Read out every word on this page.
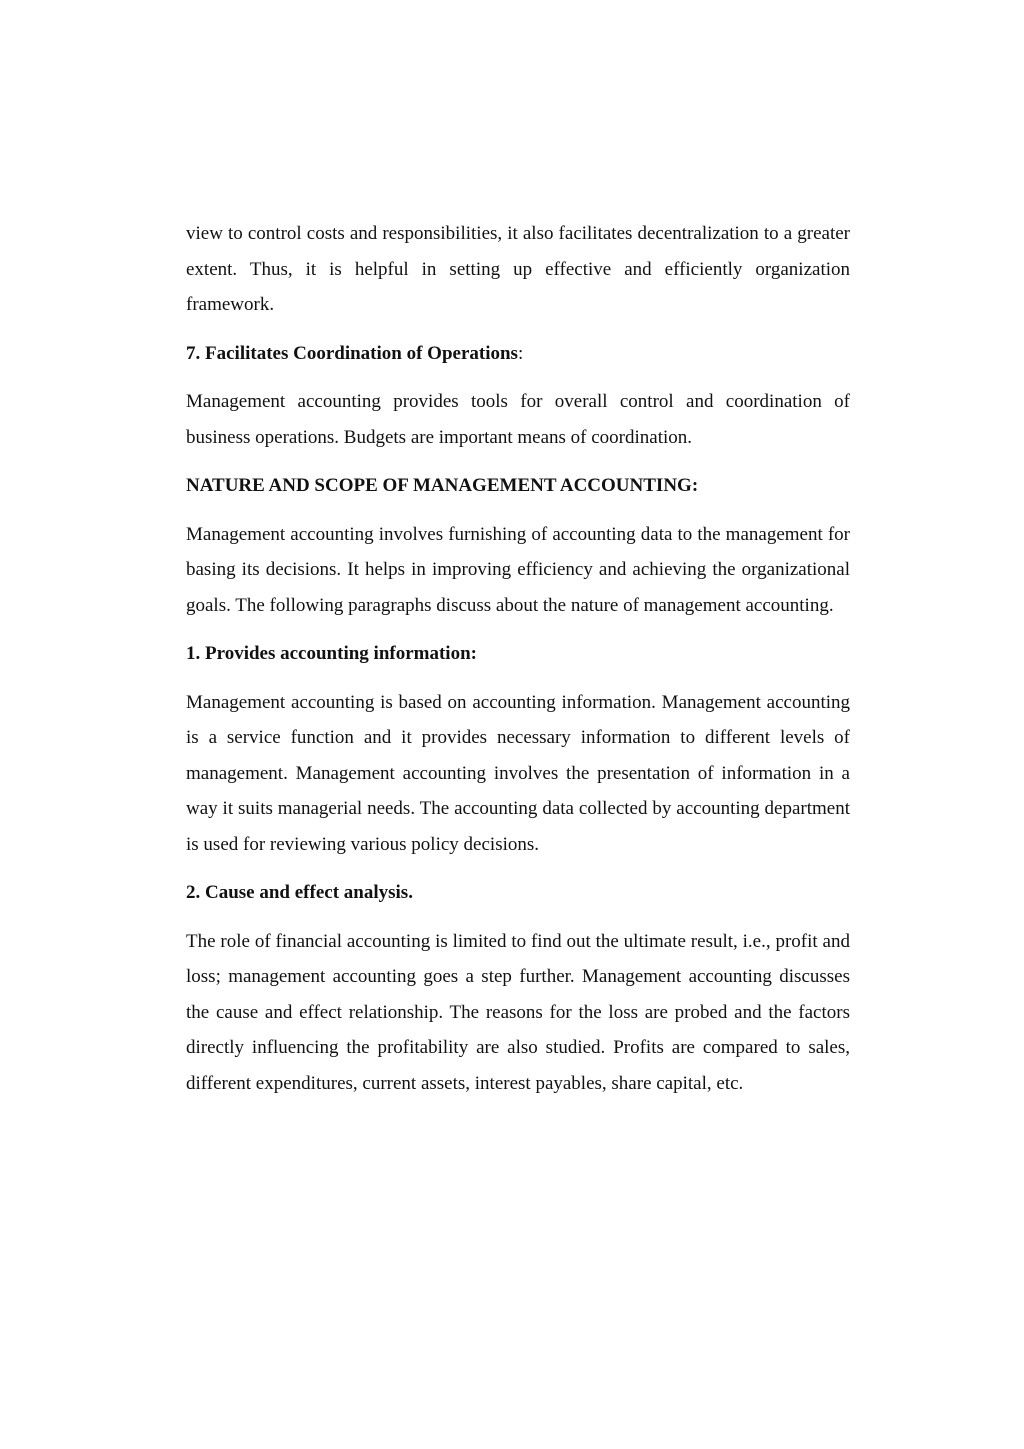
view to control costs and responsibilities, it also facilitates decentralization to a greater extent. Thus, it is helpful in setting up effective and efficiently organization framework.

7. Facilitates Coordination of Operations:

Management accounting provides tools for overall control and coordination of business operations. Budgets are important means of coordination.

NATURE AND SCOPE OF MANAGEMENT ACCOUNTING:

Management accounting involves furnishing of accounting data to the management for basing its decisions. It helps in improving efficiency and achieving the organizational goals. The following paragraphs discuss about the nature of management accounting.

1. Provides accounting information:

Management accounting is based on accounting information. Management accounting is a service function and it provides necessary information to different levels of management. Management accounting involves the presentation of information in a way it suits managerial needs. The accounting data collected by accounting department is used for reviewing various policy decisions.

2. Cause and effect analysis.

The role of financial accounting is limited to find out the ultimate result, i.e., profit and loss; management accounting goes a step further. Management accounting discusses the cause and effect relationship. The reasons for the loss are probed and the factors directly influencing the profitability are also studied. Profits are compared to sales, different expenditures, current assets, interest payables, share capital, etc.
